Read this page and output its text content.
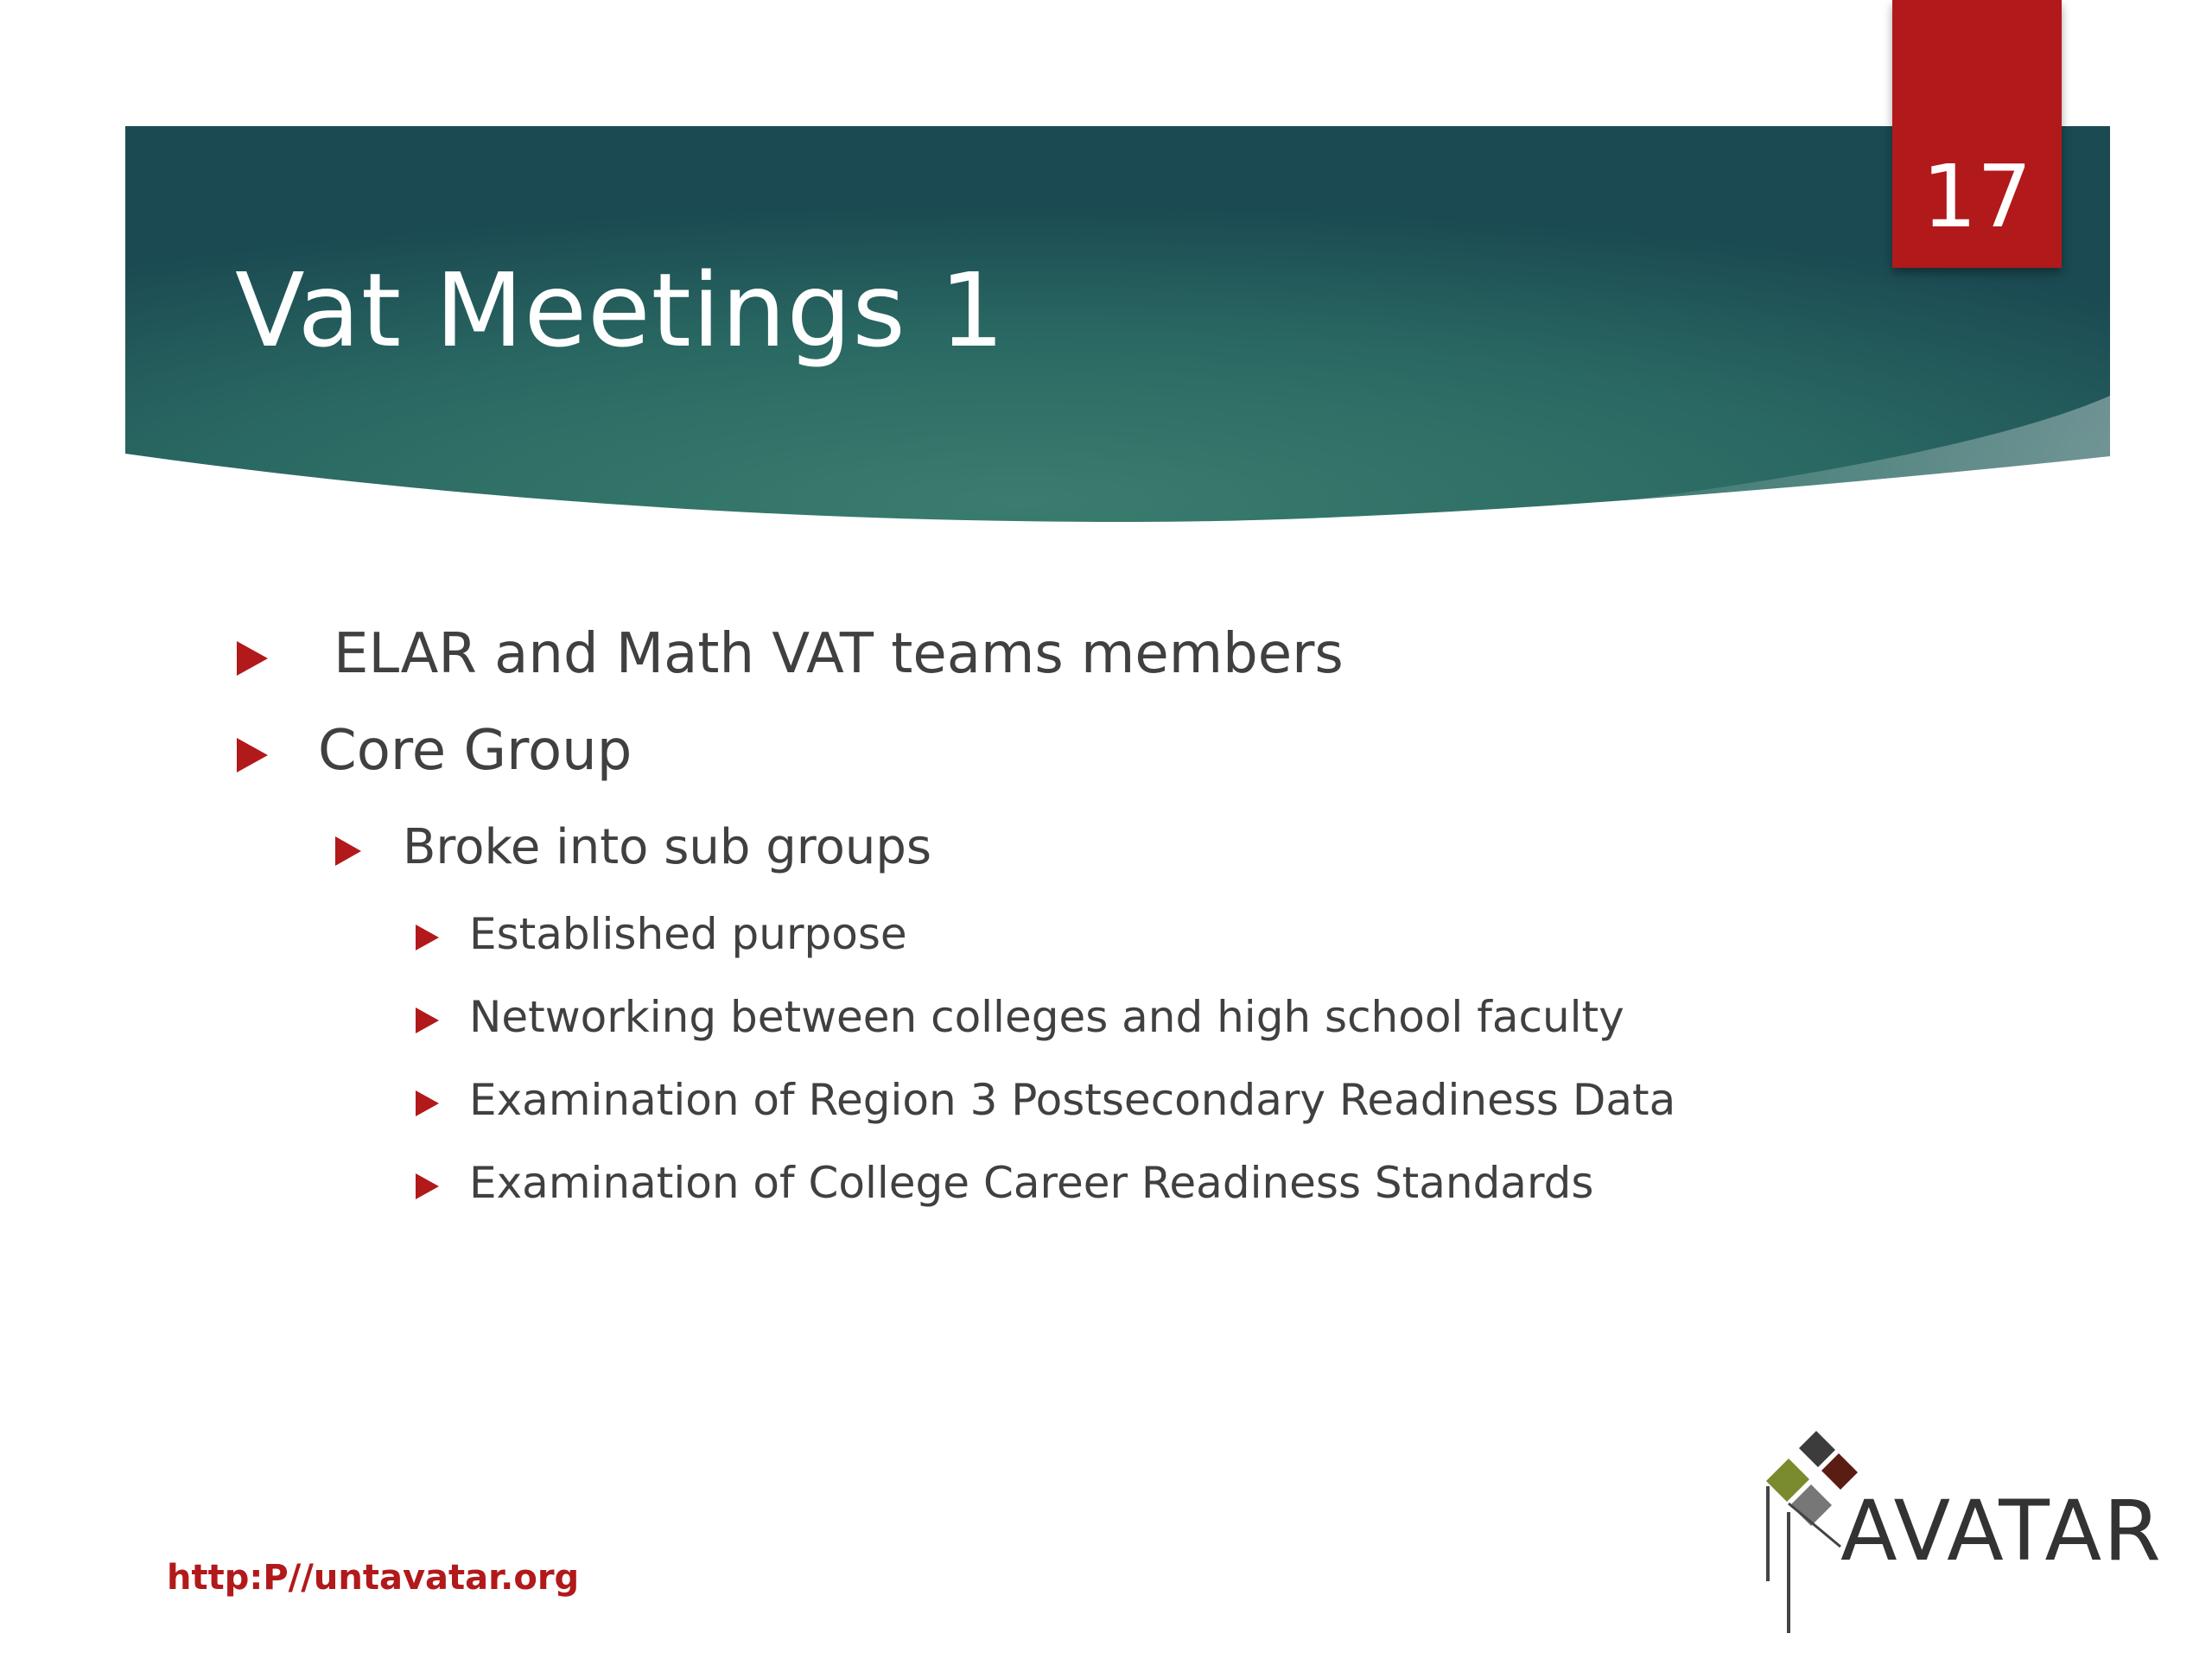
Vat Meetings 1
17
ELAR and Math VAT teams members
Core Group
Broke into sub groups
Established purpose
Networking between colleges and high school faculty
Examination of Region 3 Postsecondary Readiness Data
Examination of College Career Readiness Standards
http:P//untavatar.org	AVATAR
